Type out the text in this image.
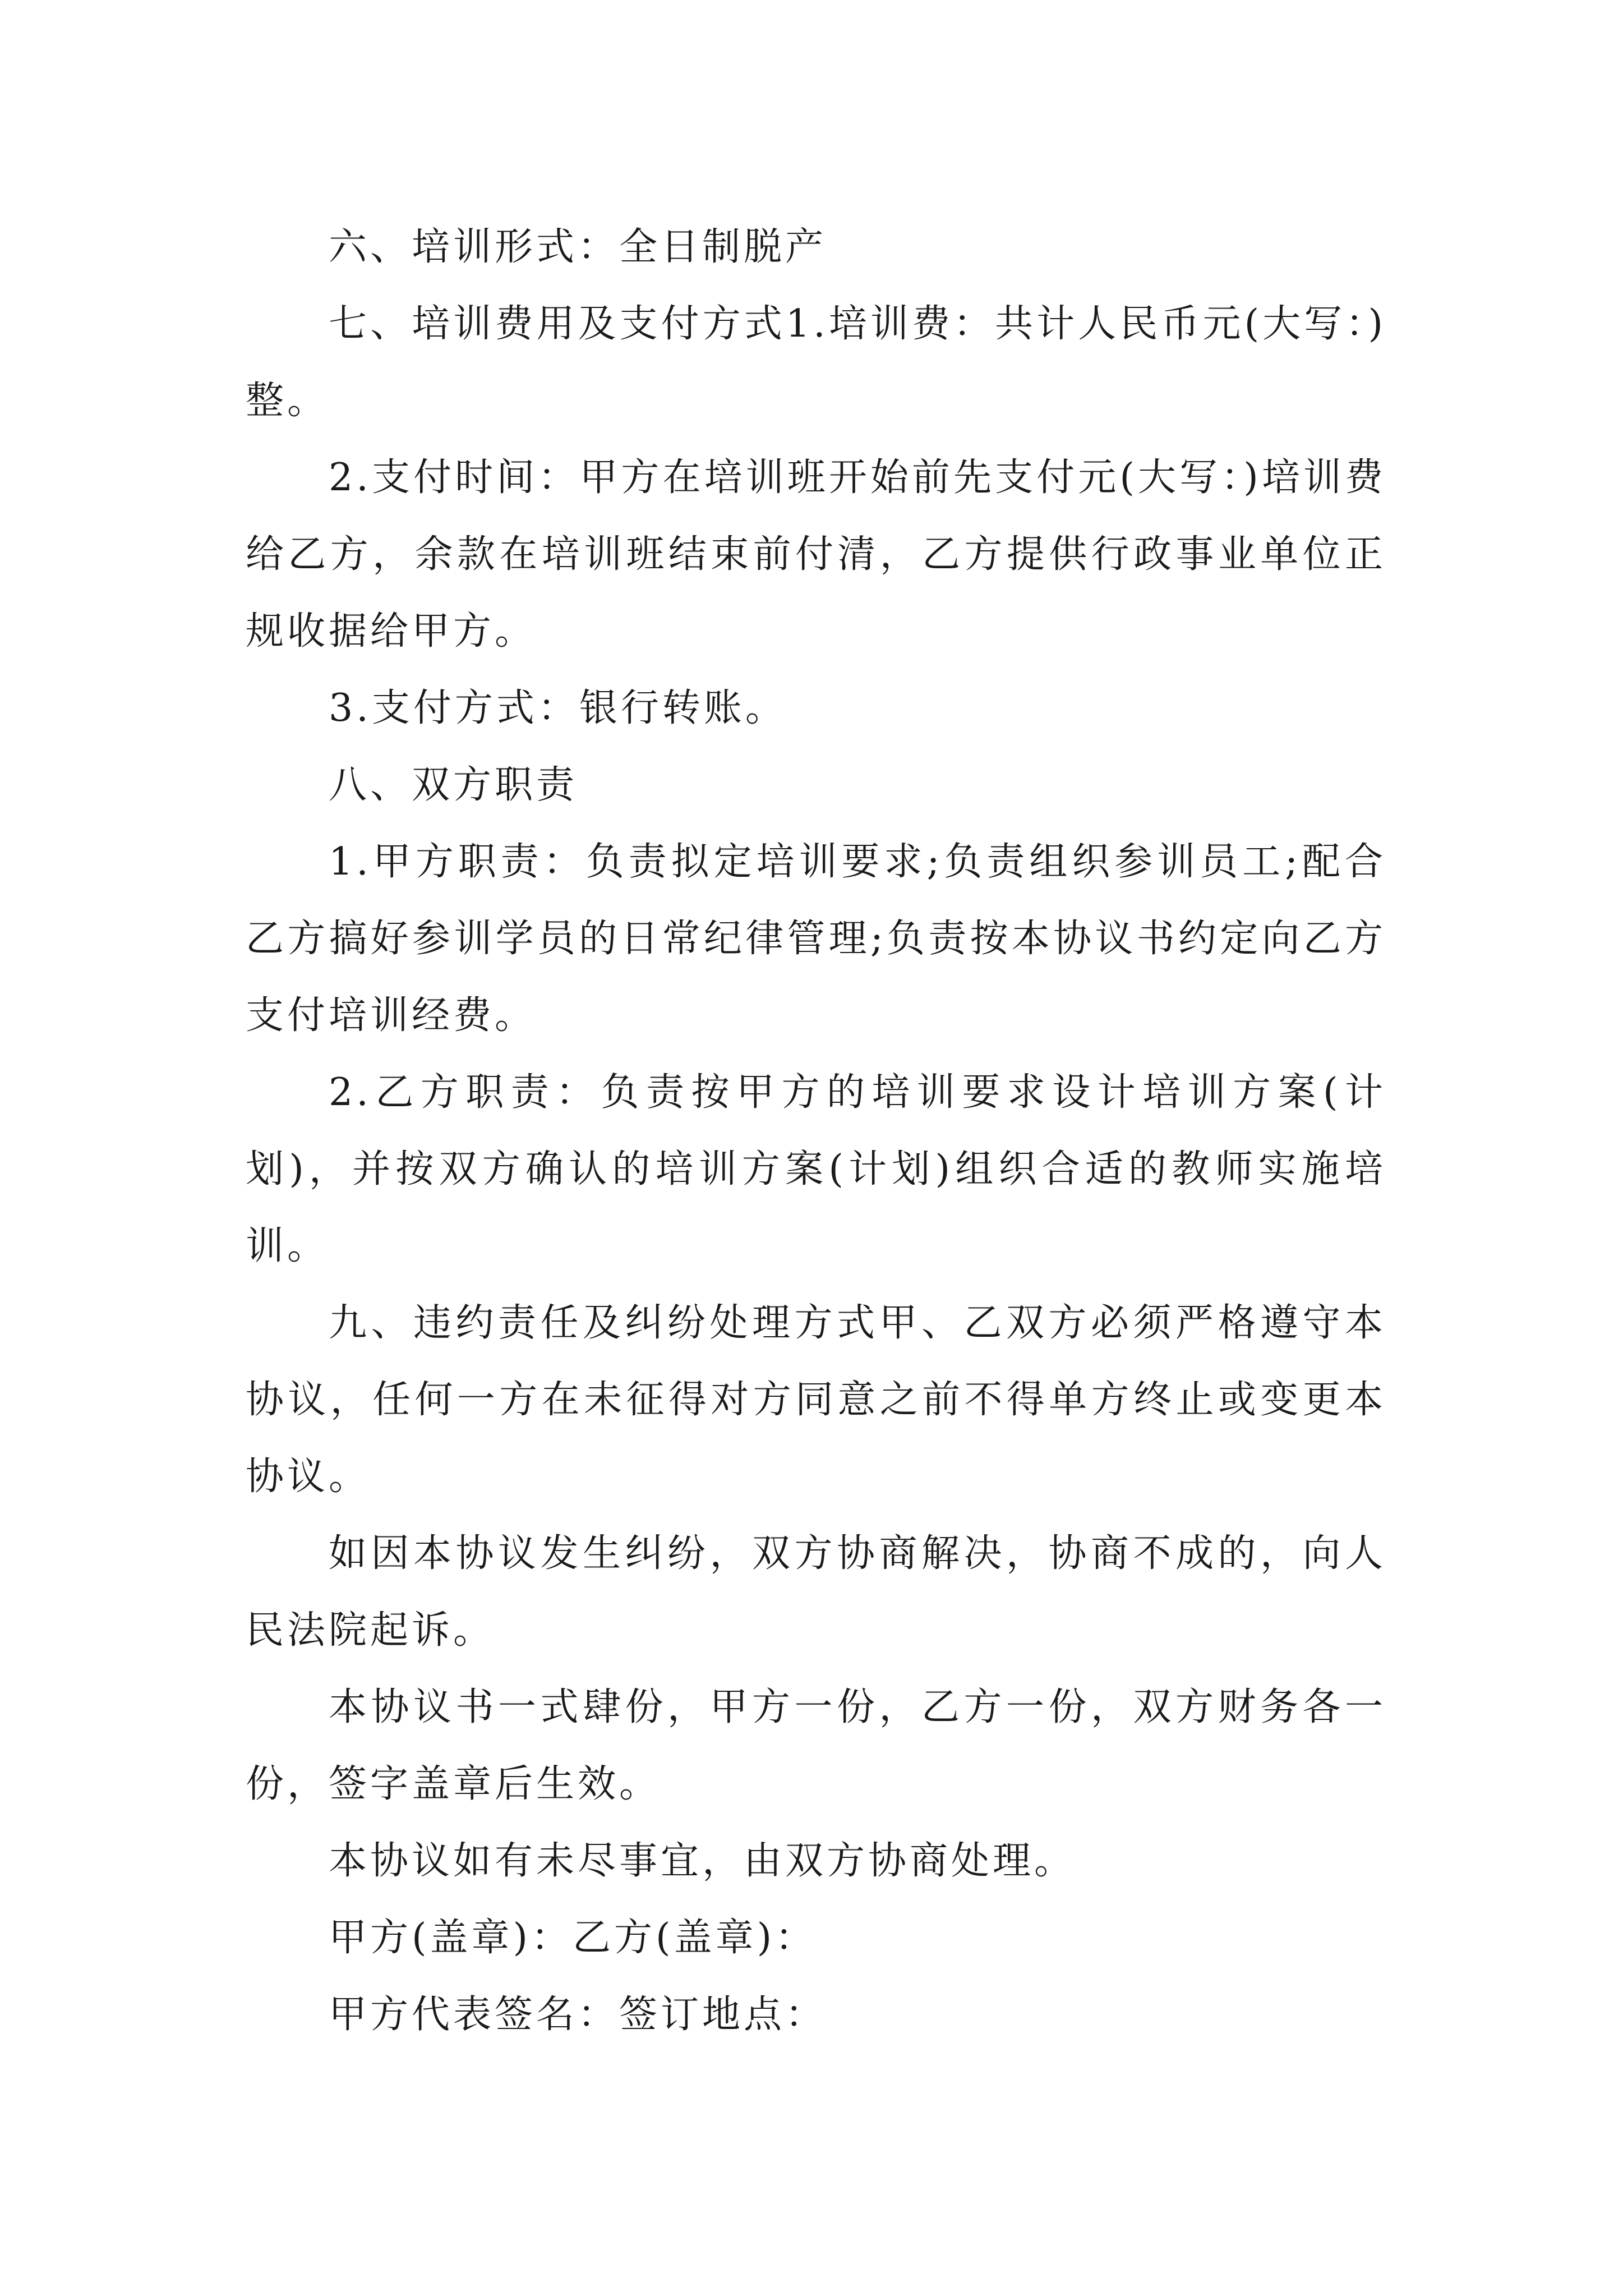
六、培训形式：全日制脱产

七、培训费用及支付方式1.培训费：共计人民币元(大写：)整。

2.支付时间：甲方在培训班开始前先支付元(大写：)培训费给乙方，余款在培训班结束前付清，乙方提供行政事业单位正规收据给甲方。

3.支付方式：银行转账。

八、双方职责

1.甲方职责：负责拟定培训要求;负责组织参训员工;配合乙方搞好参训学员的日常纪律管理;负责按本协议书约定向乙方支付培训经费。

2.乙方职责：负责按甲方的培训要求设计培训方案(计划)，并按双方确认的培训方案(计划)组织合适的教师实施培训。

九、违约责任及纠纷处理方式甲、乙双方必须严格遵守本协议，任何一方在未征得对方同意之前不得单方终止或变更本协议。

如因本协议发生纠纷，双方协商解决，协商不成的，向人民法院起诉。

本协议书一式肆份，甲方一份，乙方一份，双方财务各一份，签字盖章后生效。

本协议如有未尽事宜，由双方协商处理。

甲方(盖章)：乙方(盖章)：

甲方代表签名：签订地点：
